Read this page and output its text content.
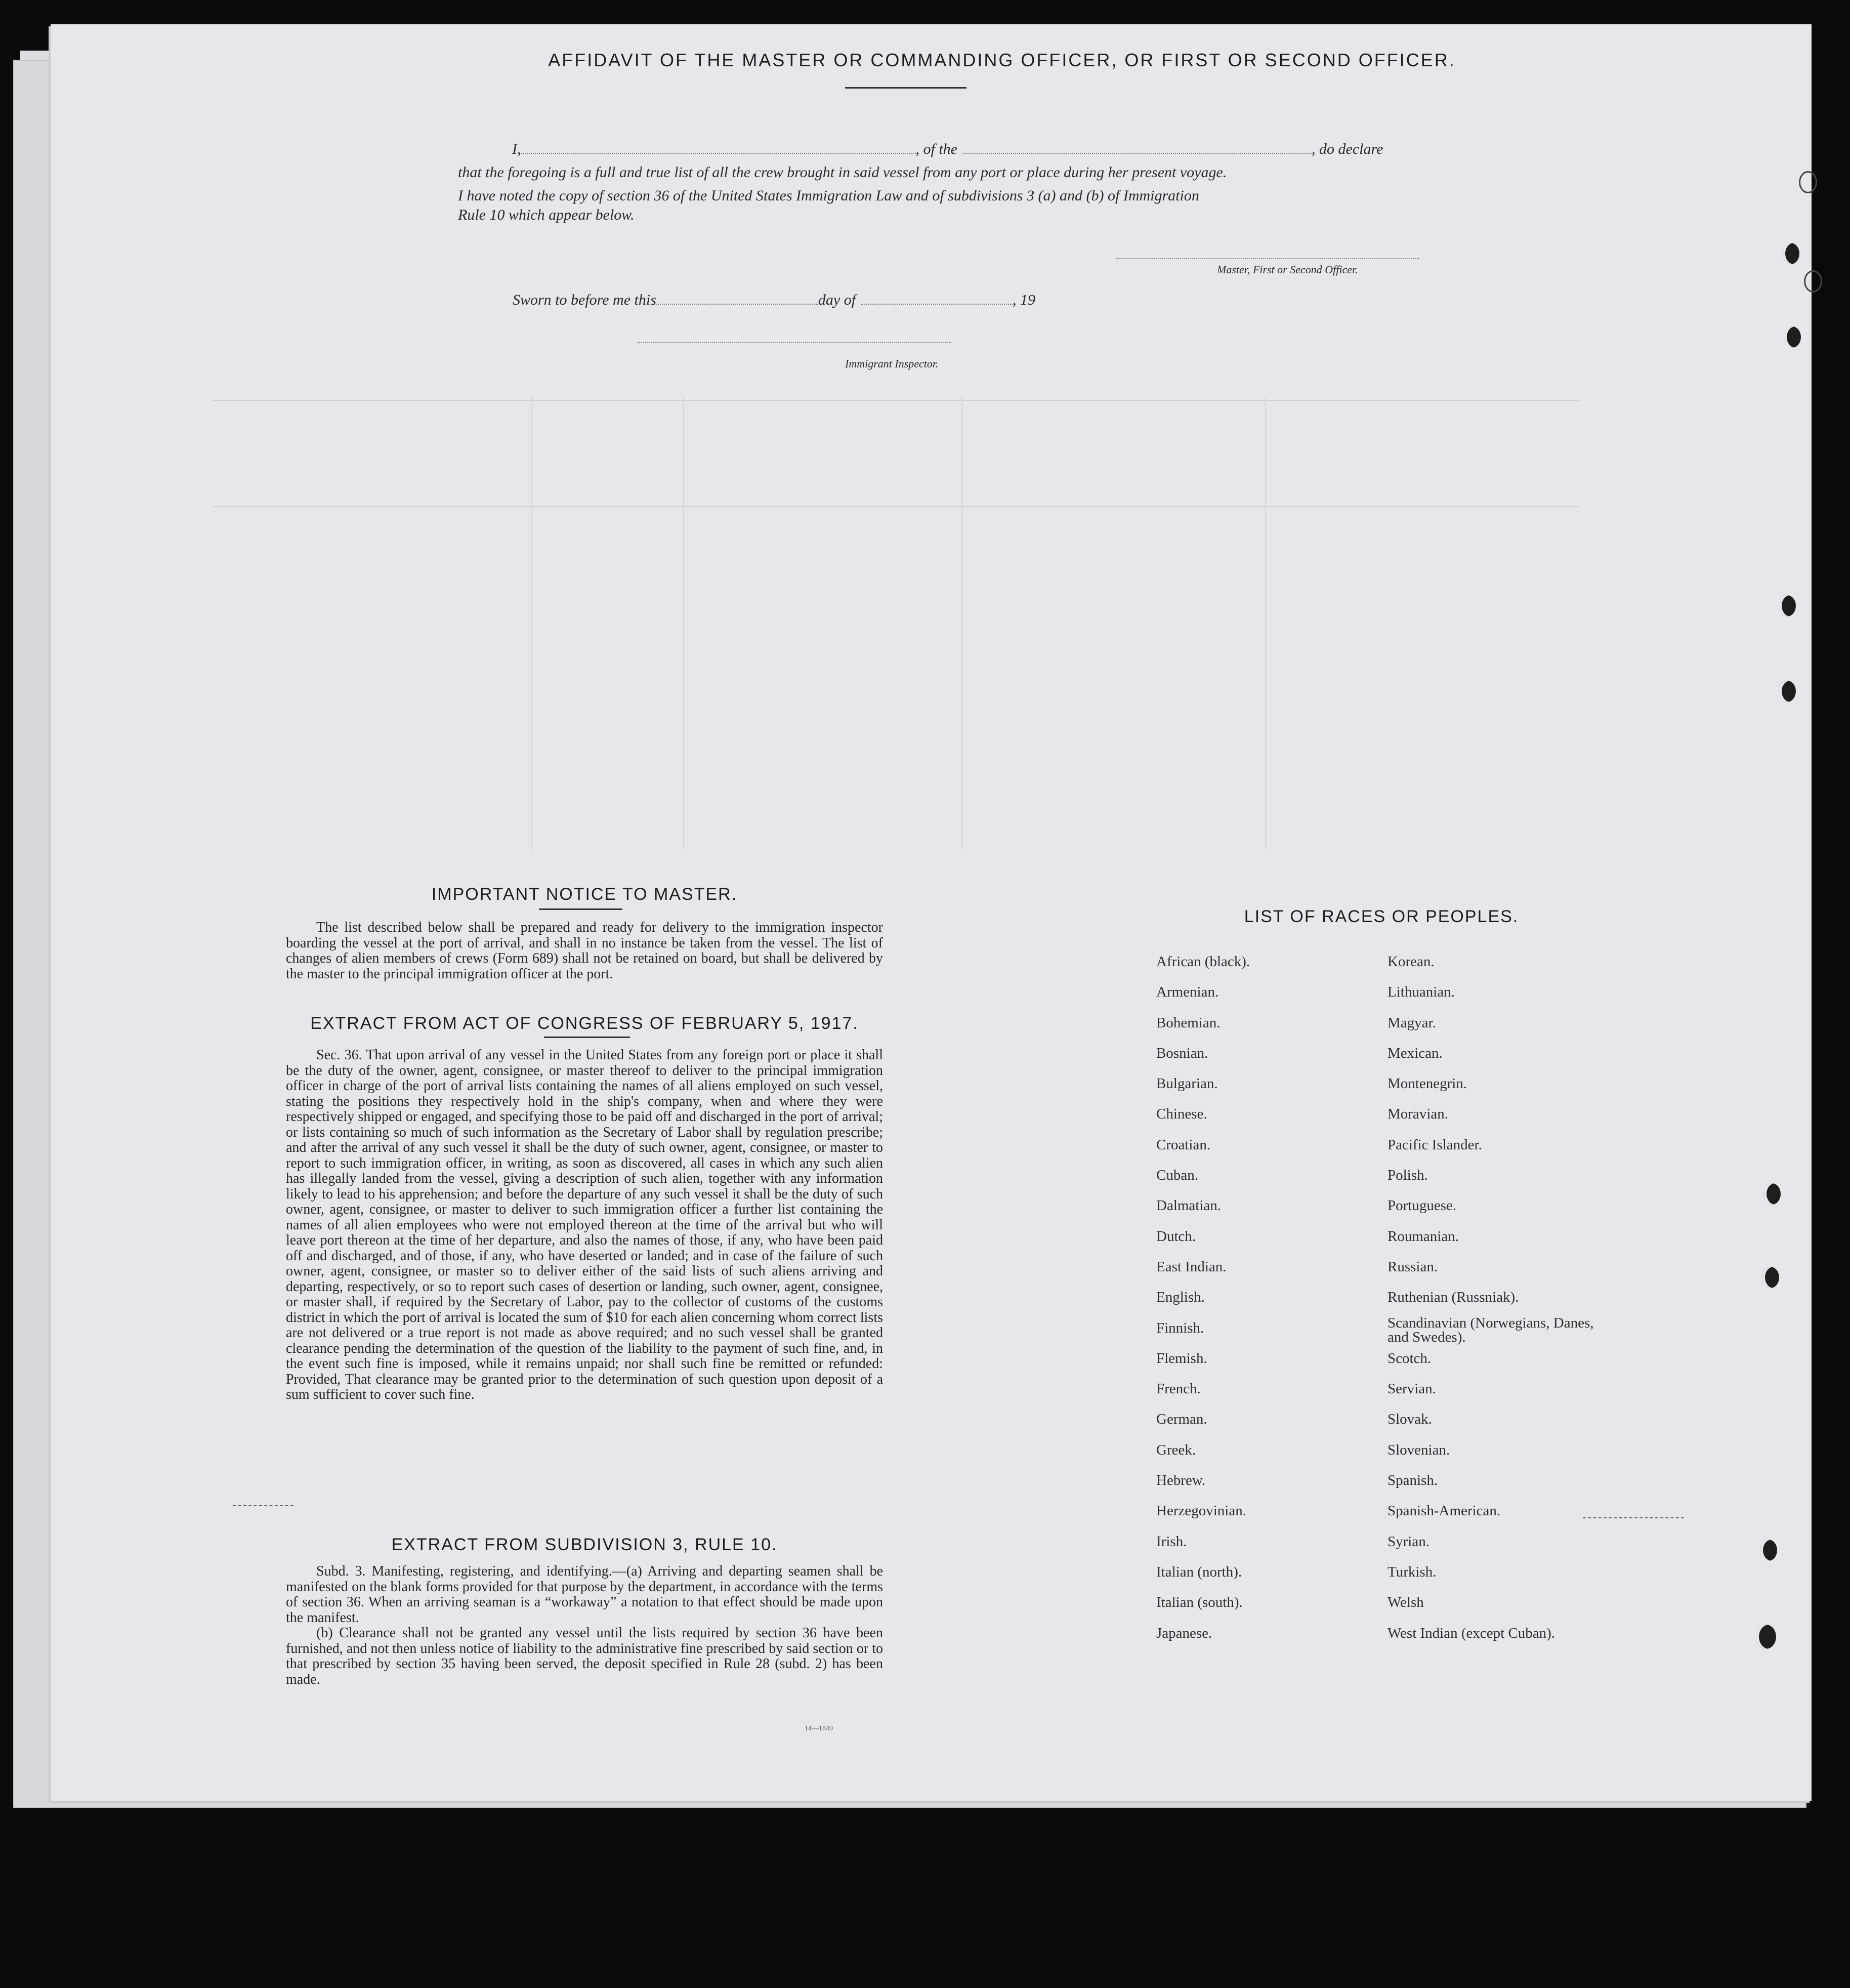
AFFIDAVIT OF THE MASTER OR COMMANDING OFFICER, OR FIRST OR SECOND OFFICER.
I,	, of the	, do declare
that the foregoing is a full and true list of all the crew brought in said vessel from any port or place during her present voyage.
I have noted the copy of section 36 of the United States Immigration Law and of subdivisions 3 (a) and (b) of Immigration
Rule 10 which appear below.
Master, First or Second Officer.
Sworn to before me this	day of	, 19
Immigrant Inspector.
IMPORTANT NOTICE TO MASTER.

The list described below shall be prepared and ready for delivery to the immigration inspector boarding the vessel at the port of arrival, and shall in no instance be taken from the vessel. The list of changes of alien members of crews (Form 689) shall not be retained on board, but shall be delivered by the master to the principal immigration officer at the port.

EXTRACT FROM ACT OF CONGRESS OF FEBRUARY 5, 1917.

Sec. 36. That upon arrival of any vessel in the United States from any foreign port or place it shall be the duty of the owner, agent, consignee, or master thereof to deliver to the principal immigration officer in charge of the port of arrival lists containing the names of all aliens employed on such vessel, stating the positions they respectively hold in the ship's company, when and where they were respectively shipped or engaged, and specifying those to be paid off and discharged in the port of arrival; or lists containing so much of such information as the Secretary of Labor shall by regulation prescribe; and after the arrival of any such vessel it shall be the duty of such owner, agent, consignee, or master to report to such immigration officer, in writing, as soon as discovered, all cases in which any such alien has illegally landed from the vessel, giving a description of such alien, together with any information likely to lead to his apprehension; and before the departure of any such vessel it shall be the duty of such owner, agent, consignee, or master to deliver to such immigration officer a further list containing the names of all alien employees who were not employed thereon at the time of the arrival but who will leave port thereon at the time of her departure, and also the names of those, if any, who have been paid off and discharged, and of those, if any, who have deserted or landed; and in case of the failure of such owner, agent, consignee, or master so to deliver either of the said lists of such aliens arriving and departing, respectively, or so to report such cases of desertion or landing, such owner, agent, consignee, or master shall, if required by the Secretary of Labor, pay to the collector of customs of the customs district in which the port of arrival is located the sum of $10 for each alien concerning whom correct lists are not delivered or a true report is not made as above required; and no such vessel shall be granted clearance pending the determination of the question of the liability to the payment of such fine, and, in the event such fine is imposed, while it remains unpaid; nor shall such fine be remitted or refunded: Provided, That clearance may be granted prior to the determination of such question upon deposit of a sum sufficient to cover such fine.

EXTRACT FROM SUBDIVISION 3, RULE 10.

Subd. 3. Manifesting, registering, and identifying.—(a) Arriving and departing seamen shall be manifested on the blank forms provided for that purpose by the department, in accordance with the terms of section 36. When an arriving seaman is a “workaway” a notation to that effect should be made upon the manifest.

(b) Clearance shall not be granted any vessel until the lists required by section 36 have been furnished, and not then unless notice of liability to the administrative fine prescribed by said section or to that prescribed by section 35 having been served, the deposit specified in Rule 28 (subd. 2) has been made.

14—1849
LIST OF RACES OR PEOPLES.
African (black).
Armenian.
Bohemian.
Bosnian.
Bulgarian.
Chinese.
Croatian.
Cuban.
Dalmatian.
Dutch.
East Indian.
English.
Finnish.
Flemish.
French.
German.
Greek.
Hebrew.
Herzegovinian.
Irish.
Italian (north).
Italian (south).
Japanese.
Korean.
Lithuanian.
Magyar.
Mexican.
Montenegrin.
Moravian.
Pacific Islander.
Polish.
Portuguese.
Roumanian.
Russian.
Ruthenian (Russniak).
Scandinavian (Norwegians, Danes, and Swedes).
Scotch.
Servian.
Slovak.
Slovenian.
Spanish.
Spanish-American.
Syrian.
Turkish.
Welsh
West Indian (except Cuban).
